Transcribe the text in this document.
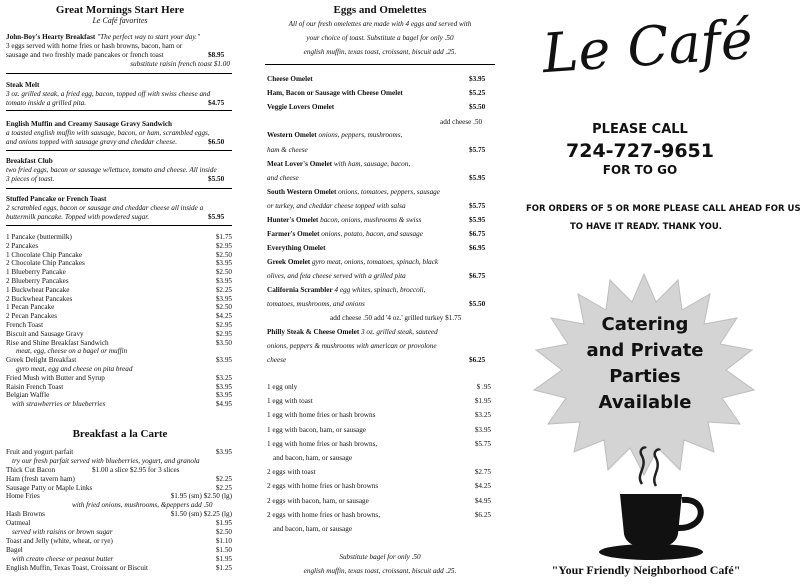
Great Mornings Start Here
Le Café favorites
John-Boy's Hearty Breakfast "The perfect way to start your day."
3 eggs served with home fries or hash browns, bacon, ham or
sausage and two freshly made pancakes or french toast	$8.95
substitute raisin french toast $1.00
Steak Melt
3 oz. grilled steak, a fried egg, bacon, topped off with swiss cheese and
tomato inside a grilled pita.	$4.75
English Muffin and Creamy Sausage Gravy Sandwich
a toasted english muffin with sausage, bacon, or ham, scrambled eggs,
and onions topped with sausage gravy and cheddar cheese.	$6.50
Breakfast Club
two fried eggs, bacon or sausage w/lettuce, tomato and cheese. All inside
3 pieces of toast.	$5.50
Stuffed Pancake or French Toast
2 scrambled eggs, bacon or sausage and cheddar cheese all inside a
buttermilk pancake. Topped with powdered sugar.	$5.95
1 Pancake (buttermilk)	$1.75
2 Pancakes	$2.95
1 Chocolate Chip Pancake	$2.50
2 Chocolate Chip Pancakes	$3.95
1 Blueberry Pancake	$2.50
2 Blueberry Pancakes	$3.95
1 Buckwheat Pancake	$2.25
2 Buckwheat Pancakes	$3.95
1 Pecan Pancake	$2.50
2 Pecan Pancakes	$4.25
French Toast	$2.95
Biscuit and Sausage Gravy	$2.95
Rise and Shine Breakfast Sandwich	$3.50
meat, egg, cheese on a bagel or muffin
Greek Delight Breakfast	$3.95
gyro meat, egg and cheese on pita bread
Fried Mush with Butter and Syrup	$3.25
Raisin French Toast	$3.95
Belgian Waffle	$3.95
with strawberries or blueberries	$4.95
Breakfast a la Carte
Fruit and yogurt parfait	$3.95
try our fresh parfait served with blueberries, yogurt, and granola
Thick Cut Bacon	$1.00 a slice $2.95 for 3 slices
Ham (fresh tavern ham)	$2.25
Sausage Patty or Maple Links	$2.25
Home Fries	$1.95 (sm) $2.50 (lg)
with fried onions, mushrooms, &peppers add .50
Hash Browns	$1.50 (sm) $2.25 (lg)
Oatmeal	$1.95
served with raisins or brown sugar	$2.50
Toast and Jelly (white, wheat, or rye)	$1.10
Bagel	$1.50
with cream cheese or peanut butter	$1.95
English Muffin, Texas Toast, Croissant or Biscuit	$1.25
Eggs and Omelettes
All of our fresh omelettes are made with 4 eggs and served with
your choice of toast. Substitute a bagel for only .50
english muffin, texas toast, croissant, biscuit add .25.
Cheese Omelet	$3.95
Ham, Bacon or Sausage with Cheese Omelet	$5.25
Veggie Lovers Omelet	$5.50
add cheese .50
Western Omelet onions, peppers, mushrooms,
ham & cheese	$5.75
Meat Lover's Omelet with ham, sausage, bacon,
and cheese	$5.95
South Western Omelet onions, tomatoes, peppers, sausage
or turkey, and cheddar cheese topped with salsa	$5.75
Hunter's Omelet bacon, onions, mushrooms & swiss	$5.95
Farmer's Omelet onions, potato, bacon, and sausage	$6.75
Everything Omelet	$6.95
Greek Omelet gyro meat, onions, tomatoes, spinach, black
olives, and feta cheese served with a grilled pita	$6.75
California Scrambler 4 egg whites, spinach, broccoli,
tomatoes, mushrooms, and onions	$5.50
add cheese .50 add '4 oz.' grilled turkey $1.75
Philly Steak & Cheese Omelet 3 oz. grilled steak, sauteed
onions, peppers & mushrooms with american or provolone
cheese	$6.25
1 egg only	$ .95
1 egg with toast	$1.95
1 egg with home fries or hash browns	$3.25
1 egg with bacon, ham, or sausage	$3.95
1 egg with home fries or hash browns,	$5.75
and bacon, ham, or sausage
2 eggs with toast	$2.75
2 eggs with home fries or hash browns	$4.25
2 eggs with bacon, ham, or sausage	$4.95
2 eggs with home fries or hash browns,	$6.25
and bacon, ham, or sausage
Substitute bagel for only .50
english muffin, texas toast, croissant, biscuit add .25.
Le Café
PLEASE CALL
724-727-9651
FOR TO GO
FOR ORDERS OF 5 OR MORE PLEASE CALL AHEAD FOR US
TO HAVE IT READY. THANK YOU.
Catering
and Private
Parties
Available
"Your Friendly Neighborhood Café"
